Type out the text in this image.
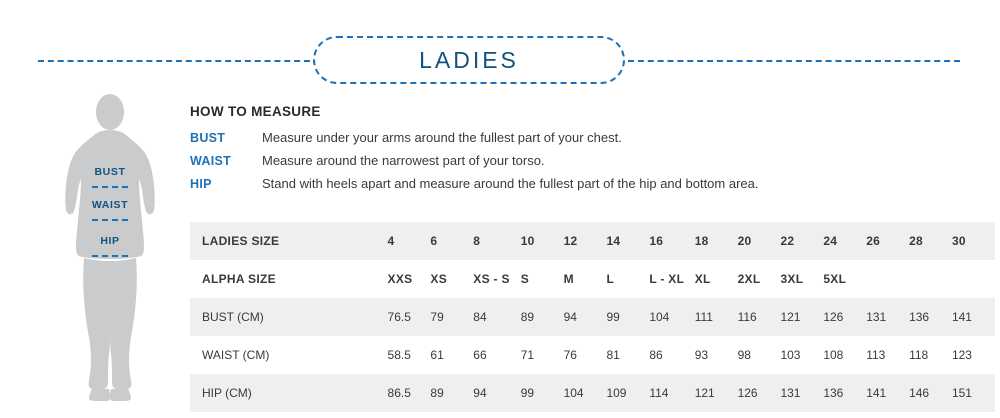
LADIES
BUST
WAIST
HIP
HOW TO MEASURE
BUST	Measure under your arms around the fullest part of your chest.
WAIST	Measure around the narrowest part of your torso.
HIP	Stand with heels apart and measure around the fullest part of the hip and bottom area.
LADIES SIZE	4	6	8	10	12	14	16	18	20	22	24	26	28	30
ALPHA SIZE	XXS	XS	XS - S	S	M	L	L - XL	XL	2XL	3XL	5XL			
BUST (CM)	76.5	79	84	89	94	99	104	111	116	121	126	131	136	141
WAIST (CM)	58.5	61	66	71	76	81	86	93	98	103	108	113	118	123
HIP (CM)	86.5	89	94	99	104	109	114	121	126	131	136	141	146	151
